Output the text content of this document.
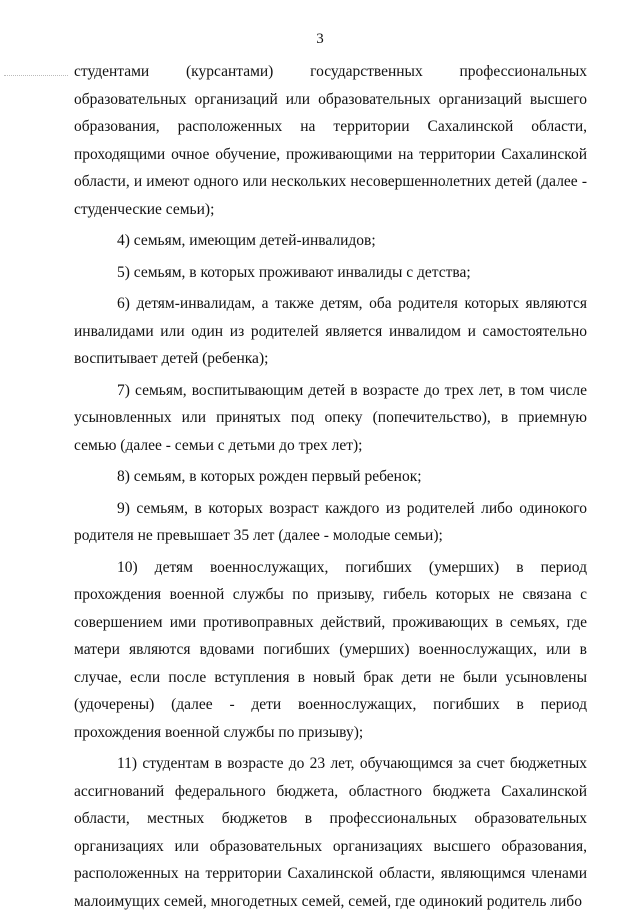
3

студентами (курсантами) государственных профессиональных образовательных организаций или образовательных организаций высшего образования, расположенных на территории Сахалинской области, проходящими очное обучение, проживающими на территории Сахалинской области, и имеют одного или нескольких несовершеннолетних детей (далее - студенческие семьи);

4) семьям, имеющим детей-инвалидов;

5) семьям, в которых проживают инвалиды с детства;

6) детям-инвалидам, а также детям, оба родителя которых являются инвалидами или один из родителей является инвалидом и самостоятельно воспитывает детей (ребенка);

7) семьям, воспитывающим детей в возрасте до трех лет, в том числе усыновленных или принятых под опеку (попечительство), в приемную семью (далее - семьи с детьми до трех лет);

8) семьям, в которых рожден первый ребенок;

9) семьям, в которых возраст каждого из родителей либо одинокого родителя не превышает 35 лет (далее - молодые семьи);

10) детям военнослужащих, погибших (умерших) в период прохождения военной службы по призыву, гибель которых не связана с совершением ими противоправных действий, проживающих в семьях, где матери являются вдовами погибших (умерших) военнослужащих, или в случае, если после вступления в новый брак дети не были усыновлены (удочерены) (далее - дети военнослужащих, погибших в период прохождения военной службы по призыву);

11) студентам в возрасте до 23 лет, обучающимся за счет бюджетных ассигнований федерального бюджета, областного бюджета Сахалинской области, местных бюджетов в профессиональных образовательных организациях или образовательных организациях высшего образования, расположенных на территории Сахалинской области, являющимся членами малоимущих семей, многодетных семей, семей, где одинокий родитель либо
